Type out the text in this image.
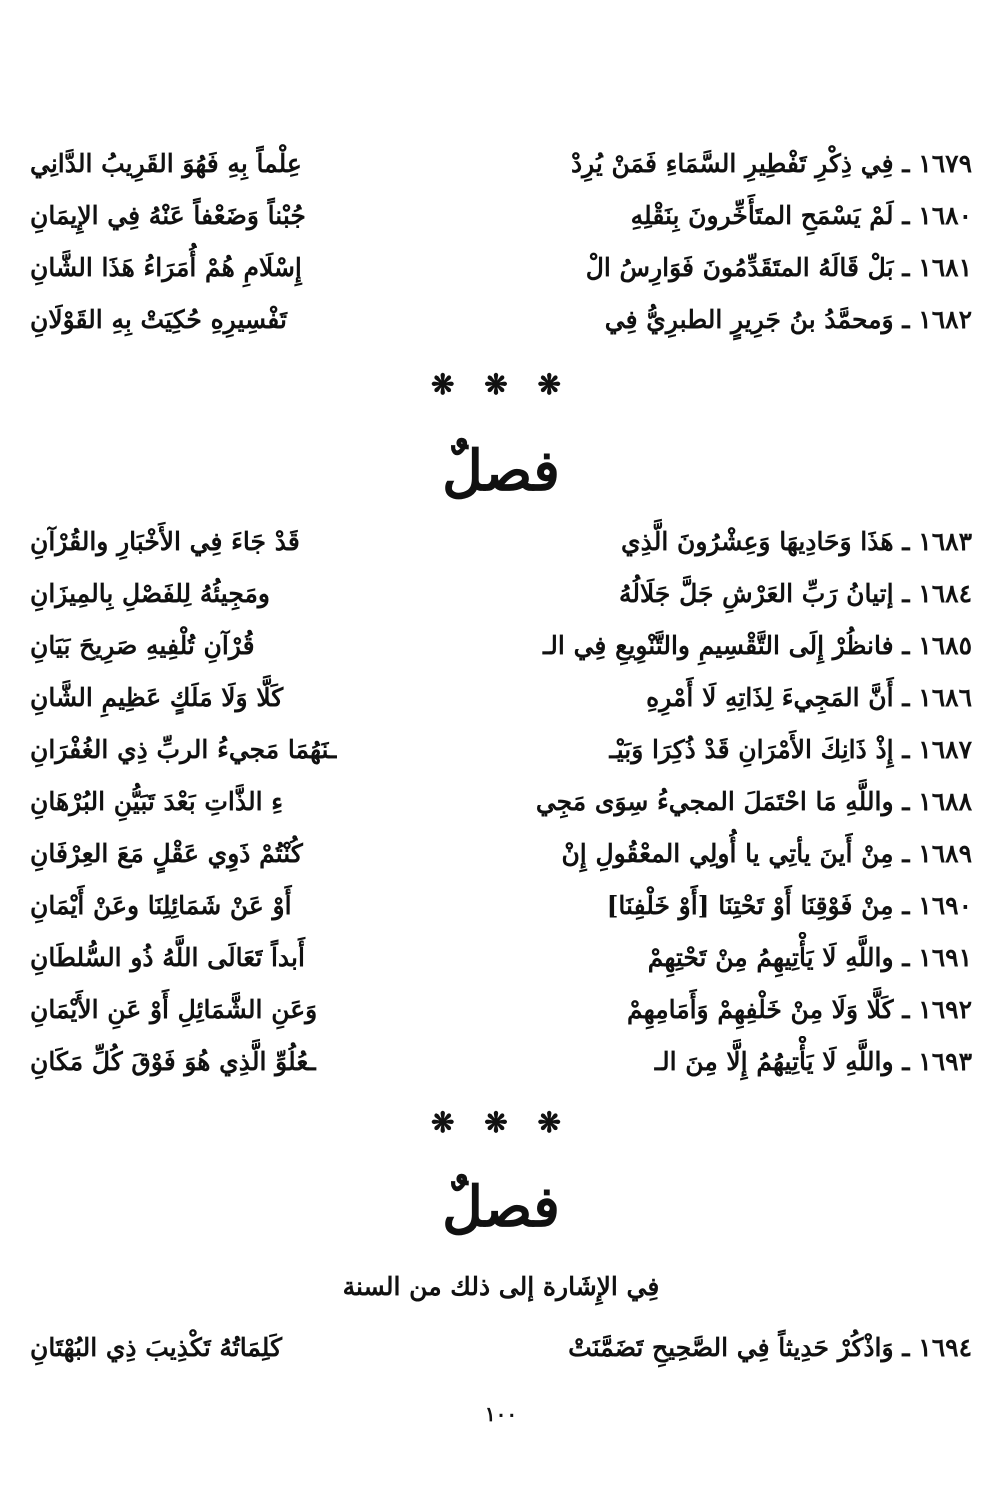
١٦٧٩ ـ فِي ذِكْرِ تَفْطِيرِ السَّمَاءِ فَمَنْ يُرِدْ
عِلْماً بِهِ فَهُوَ القَرِيبُ الدَّانِي
١٦٨٠ ـ لَمْ يَسْمَحِ المتَأَخِّرونَ بِنَقْلِهِ
جُبْناً وَضَعْفاً عَنْهُ فِي الإِيمَانِ
١٦٨١ ـ بَلْ قَالَهُ المتَقَدِّمُونَ فَوَارِسُ الْ
إِسْلَامِ هُمْ أُمَرَاءُ هَذَا الشَّانِ
١٦٨٢ ـ وَمحمَّدُ بنُ جَرِيرٍ الطبرِيُّ فِي
تَفْسِيرِهِ حُكِيَتْ بِهِ القَوْلَانِ
❋ ❋ ❋
فصلٌ
١٦٨٣ ـ هَذَا وَحَادِيهَا وَعِشْرُونَ الَّذِي
قَدْ جَاءَ فِي الأَخْبَارِ والقُرْآنِ
١٦٨٤ ـ إتيانُ رَبِّ العَرْشِ جَلَّ جَلَالُهُ
ومَجِيئُهُ لِلفَصْلِ بِالمِيزَانِ
١٦٨٥ ـ فانظُرْ إِلَى التَّقْسِيمِ والتَّنْوِيعِ فِي الـ
قُرْآنِ تُلْفِيهِ صَرِيحَ بَيَانِ
١٦٨٦ ـ أَنَّ المَجِيءَ لِذَاتِهِ لَا أَمْرِهِ
كَلَّا وَلَا مَلَكٍ عَظِيمِ الشَّانِ
١٦٨٧ ـ إِذْ ذَانِكَ الأَمْرَانِ قَدْ ذُكِرَا وَبَيْـ
ـنَهُمَا مَجيءُ الربِّ ذِي الغُفْرَانِ
١٦٨٨ ـ واللَّهِ مَا احْتَمَلَ المجيءُ سِوَى مَجِي
ءِ الذَّاتِ بَعْدَ تَبَيُّنِ البُرْهَانِ
١٦٨٩ ـ مِنْ أَينَ يأتِي يا أُولِي المعْقُولِ إِنْ
كُنْتُمْ ذَوِي عَقْلٍ مَعَ العِرْفَانِ
١٦٩٠ ـ مِنْ فَوْقِنَا أَوْ تَحْتِنَا [أَوْ خَلْفِنَا]
أَوْ عَنْ شَمَائِلِنَا وعَنْ أَيْمَانِ
١٦٩١ ـ واللَّهِ لَا يَأْتِيهِمُ مِنْ تَحْتِهِمْ
أَبداً تَعَالَى اللَّهُ ذُو السُّلطَانِ
١٦٩٢ ـ كَلَّا وَلَا مِنْ خَلْفِهِمْ وَأَمَامِهِمْ
وَعَنِ الشَّمَائِلِ أَوْ عَنِ الأَيْمَانِ
١٦٩٣ ـ واللَّهِ لَا يَأْتِيهُمُ إِلَّا مِنَ الـ
ـعُلُوِّ الَّذِي هُوَ فَوْقَ كُلِّ مَكَانِ
❋ ❋ ❋
فصلٌ
فِي الإِشَارة إلى ذلك من السنة
١٦٩٤ ـ وَاذْكُرْ حَدِيثاً فِي الصَّحِيحِ تَضَمَّنَتْ
كَلِمَاتُهُ تَكْذِيبَ ذِي البُهْتَانِ
١٠٠
